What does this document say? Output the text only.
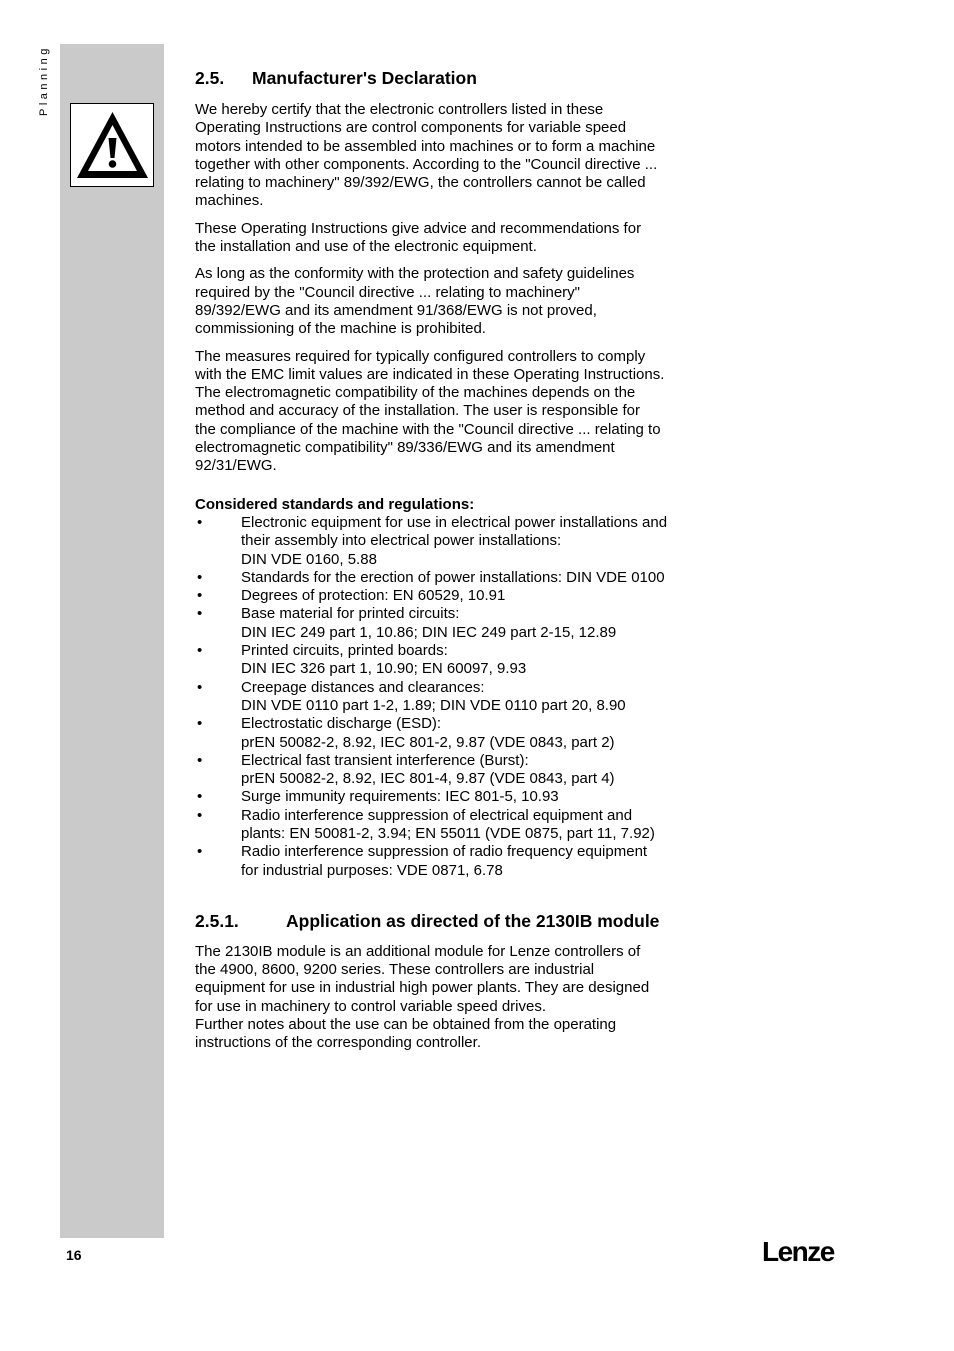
Planning	2.5. Manufacturer's Declaration

We hereby certify that the electronic controllers listed in these
Operating Instructions are control components for variable speed
motors intended to be assembled into machines or to form a machine
together with other components. According to the "Council directive ...
relating to machinery" 89/392/EWG, the controllers cannot be called
machines.

These Operating Instructions give advice and recommendations for
the installation and use of the electronic equipment.

As long as the conformity with the protection and safety guidelines
required by the "Council directive ... relating to machinery"
89/392/EWG and its amendment 91/368/EWG is not proved,
commissioning of the machine is prohibited.

The measures required for typically configured controllers to comply
with the EMC limit values are indicated in these Operating Instructions.
The electromagnetic compatibility of the machines depends on the
method and accuracy of the installation. The user is responsible for
the compliance of the machine with the "Council directive ... relating to
electromagnetic compatibility" 89/336/EWG and its amendment
92/31/EWG.

Considered standards and regulations:
• Electronic equipment for use in electrical power installations and
their assembly into electrical power installations:
DIN VDE 0160, 5.88
• Standards for the erection of power installations: DIN VDE 0100
• Degrees of protection: EN 60529, 10.91
• Base material for printed circuits:
DIN IEC 249 part 1, 10.86; DIN IEC 249 part 2-15, 12.89
• Printed circuits, printed boards:
DIN IEC 326 part 1, 10.90; EN 60097, 9.93
• Creepage distances and clearances:
DIN VDE 0110 part 1-2, 1.89; DIN VDE 0110 part 20, 8.90
• Electrostatic discharge (ESD):
prEN 50082-2, 8.92, IEC 801-2, 9.87 (VDE 0843, part 2)
• Electrical fast transient interference (Burst):
prEN 50082-2, 8.92, IEC 801-4, 9.87 (VDE 0843, part 4)
• Surge immunity requirements: IEC 801-5, 10.93
• Radio interference suppression of electrical equipment and
plants: EN 50081-2, 3.94; EN 55011 (VDE 0875, part 11, 7.92)
• Radio interference suppression of radio frequency equipment
for industrial purposes: VDE 0871, 6.78
2.5.1.	Application as directed of the 2130IB module

The 2130IB module is an additional module for Lenze controllers of
the 4900, 8600, 9200 series. These controllers are industrial
equipment for use in industrial high power plants. They are designed
for use in machinery to control variable speed drives.
Further notes about the use can be obtained from the operating
instructions of the corresponding controller.

16	Lenze
